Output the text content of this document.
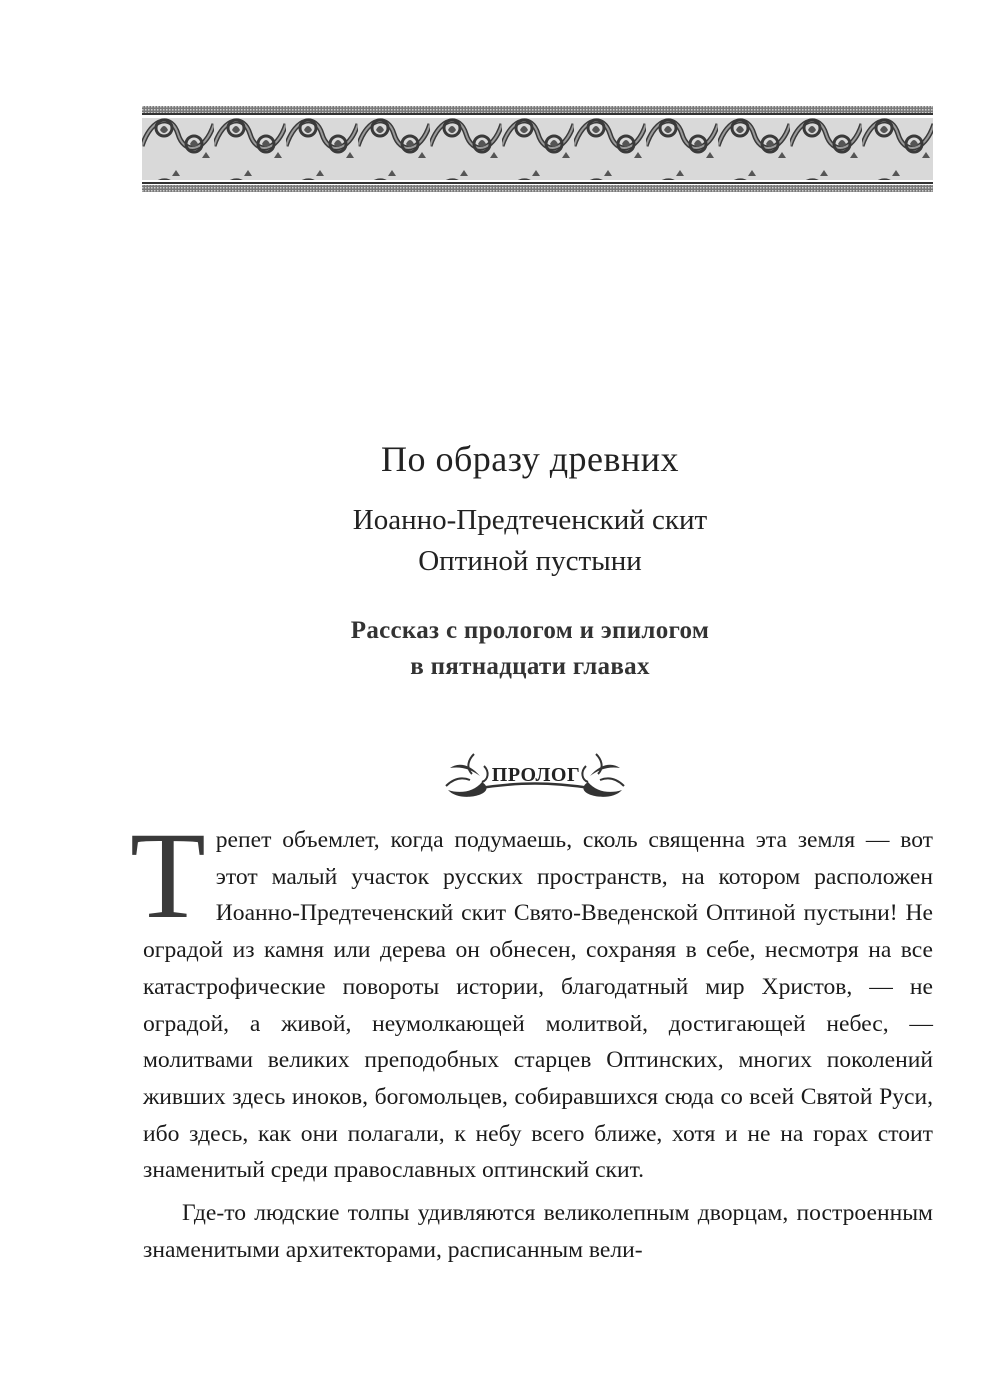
По образу древних
Иоанно-Предтеченский скит
Оптиной пустыни
Рассказ с прологом и эпилогом
в пятнадцати главах
ПРОЛОГ

Трепет объемлет, когда подумаешь, сколь священна эта земля — вот этот малый участок русских пространств, на котором расположен Иоанно-Предтеченский скит Свято-Введенской Оптиной пустыни! Не оградой из камня или дерева он обнесен, сохраняя в себе, несмотря на все катастрофические повороты истории, благодатный мир Христов, — не оградой, а живой, неумолкающей молитвой, достигающей небес, — молитвами великих преподобных старцев Оптинских, многих поколений живших здесь иноков, богомольцев, собиравшихся сюда со всей Святой Руси, ибо здесь, как они полагали, к небу всего ближе, хотя и не на горах стоит знаменитый среди православных оптинский скит.

Где-то людские толпы удивляются великолепным дворцам, построенным знаменитыми архитекторами, расписанным вели-
